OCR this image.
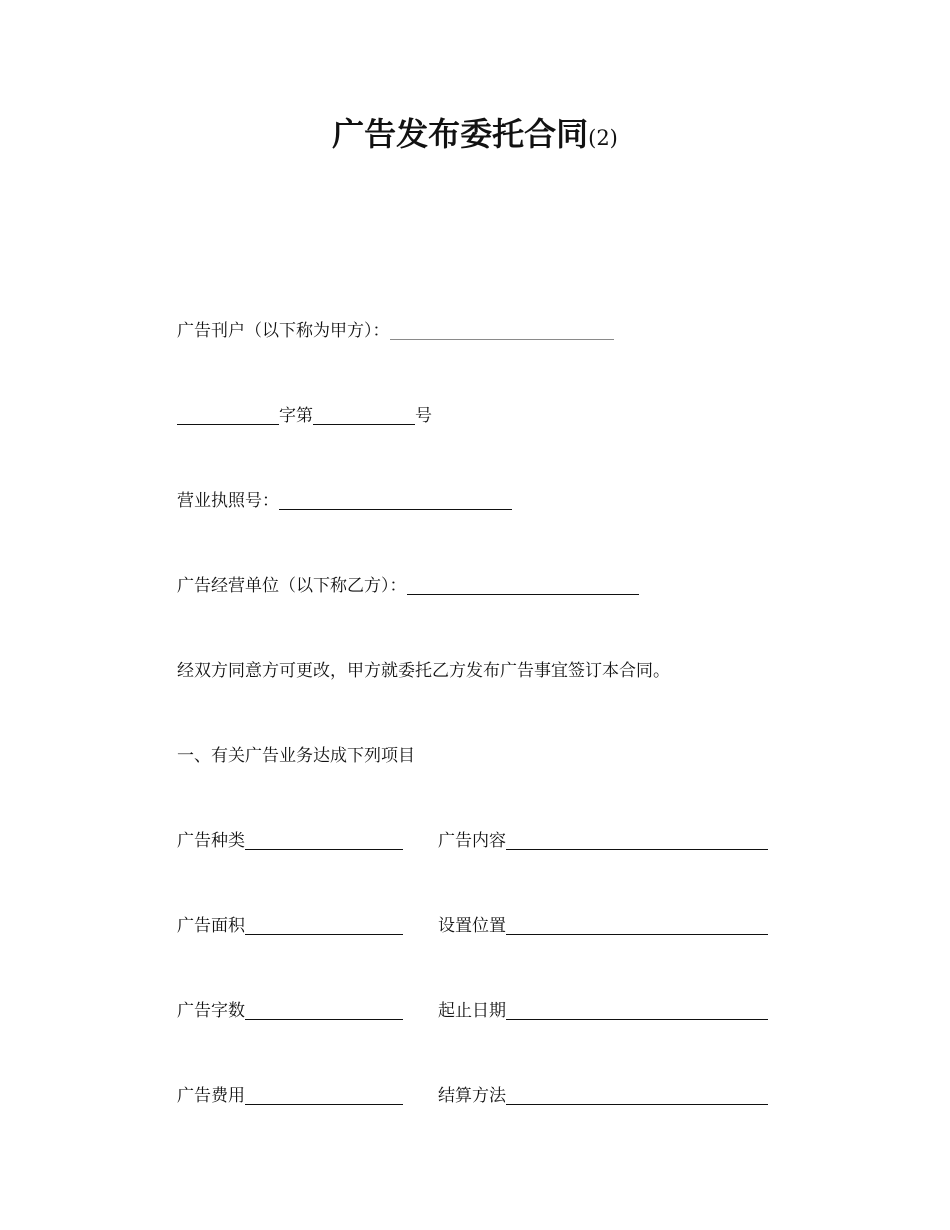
广告发布委托合同(2)
广告刊户（以下称为甲方）：
字第	号
营业执照号：
广告经营单位（以下称乙方）：
经双方同意方可更改，甲方就委托乙方发布广告事宜签订本合同。
一、有关广告业务达成下列项目
广告种类	广告内容
广告面积	设置位置
广告字数	起止日期
广告费用	结算方法
